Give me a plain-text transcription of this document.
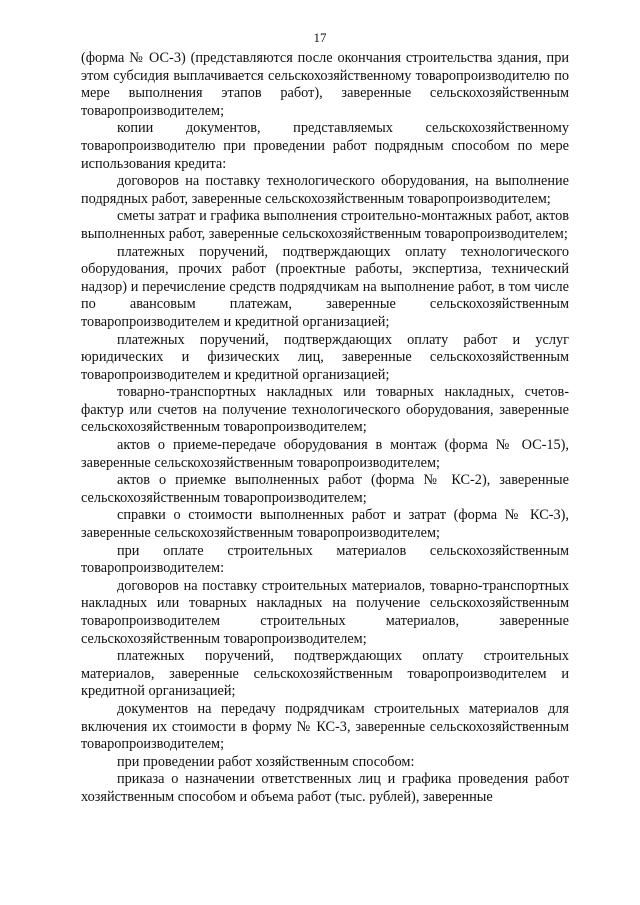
17

(форма № ОС-3) (представляются после окончания строительства здания, при этом субсидия выплачивается сельскохозяйственному товаропроизводителю по мере выполнения этапов работ), заверенные сельскохозяйственным товаропроизводителем;

копии документов, представляемых сельскохозяйственному товаропроизводителю при проведении работ подрядным способом по мере использования кредита:

договоров на поставку технологического оборудования, на выполнение подрядных работ, заверенные сельскохозяйственным товаропроизводителем;

сметы затрат и графика выполнения строительно-монтажных работ, актов выполненных работ, заверенные сельскохозяйственным товаропроизводителем;

платежных поручений, подтверждающих оплату технологического оборудования, прочих работ (проектные работы, экспертиза, технический надзор) и перечисление средств подрядчикам на выполнение работ, в том числе по авансовым платежам, заверенные сельскохозяйственным товаропроизводителем и кредитной организацией;

платежных поручений, подтверждающих оплату работ и услуг юридических и физических лиц, заверенные сельскохозяйственным товаропроизводителем и кредитной организацией;

товарно-транспортных накладных или товарных накладных, счетов-фактур или счетов на получение технологического оборудования, заверенные сельскохозяйственным товаропроизводителем;

актов о приеме-передаче оборудования в монтаж (форма № ОС-15), заверенные сельскохозяйственным товаропроизводителем;

актов о приемке выполненных работ (форма № КС-2), заверенные сельскохозяйственным товаропроизводителем;

справки о стоимости выполненных работ и затрат (форма № КС-3), заверенные сельскохозяйственным товаропроизводителем;

при оплате строительных материалов сельскохозяйственным товаропроизводителем:

договоров на поставку строительных материалов, товарно-транспортных накладных или товарных накладных на получение сельскохозяйственным товаропроизводителем строительных материалов, заверенные сельскохозяйственным товаропроизводителем;

платежных поручений, подтверждающих оплату строительных материалов, заверенные сельскохозяйственным товаропроизводителем и кредитной организацией;

документов на передачу подрядчикам строительных материалов для включения их стоимости в форму № КС-3, заверенные сельскохозяйственным товаропроизводителем;

при проведении работ хозяйственным способом:

приказа о назначении ответственных лиц и графика проведения работ хозяйственным способом и объема работ (тыс. рублей), заверенные
